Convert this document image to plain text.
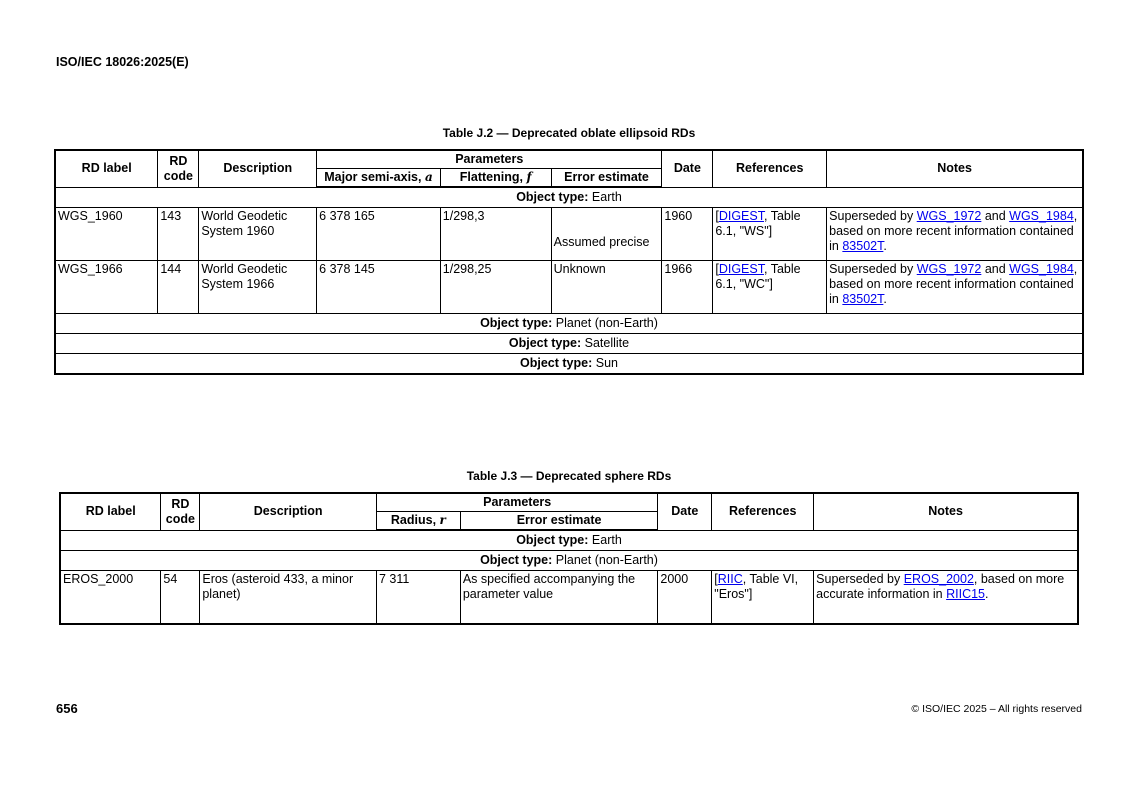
ISO/IEC 18026:2025(E)
Table J.2 — Deprecated oblate ellipsoid RDs
RD label	RD code	Description	Parameters			Date	References	Notes
			Major semi-axis, a	Flattening, f	Error estimate			
Object type: Earth								
WGS_1960	143	World Geodetic System 1960	6 378 165	1/298,3	Assumed precise	1960	[DIGEST, Table 6.1, "WS"]	Superseded by WGS_1972 and WGS_1984, based on more recent information contained in 83502T.
WGS_1966	144	World Geodetic System 1966	6 378 145	1/298,25	Unknown	1966	[DIGEST, Table 6.1, "WC"]	Superseded by WGS_1972 and WGS_1984, based on more recent information contained in 83502T.
Object type: Planet (non-Earth)								
Object type: Satellite								
Object type: Sun								
Table J.3 — Deprecated sphere RDs
RD label	RD code	Description	Parameters		Date	References	Notes
			Radius, r	Error estimate			
Object type: Earth							
Object type: Planet (non-Earth)							
EROS_2000	54	Eros (asteroid 433, a minor planet)	7 311	As specified accompanying the parameter value	2000	[RIIC, Table VI, "Eros"]	Superseded by EROS_2002, based on more accurate information in RIIC15.
656	© ISO/IEC 2025 – All rights reserved
